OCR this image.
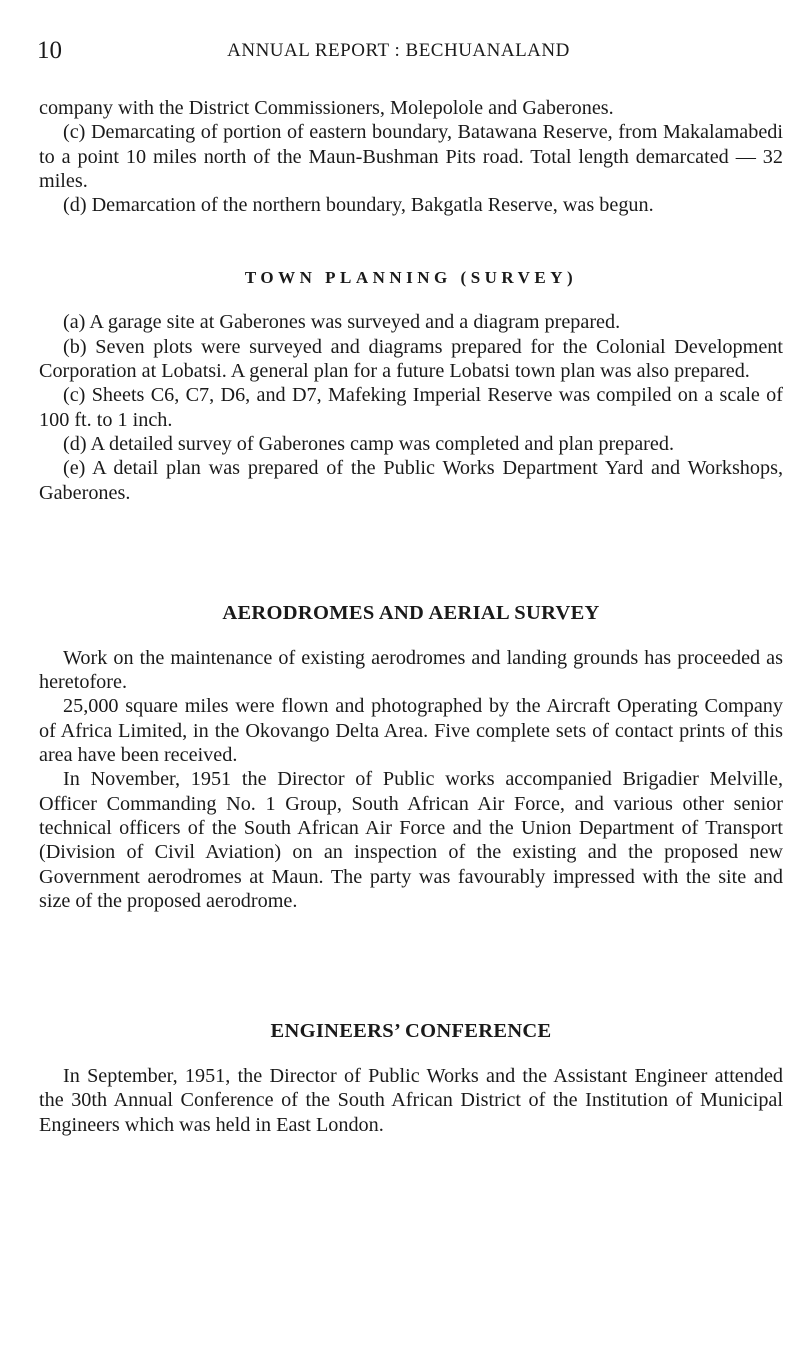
10	ANNUAL REPORT : BECHUANALAND

company with the District Commissioners, Molepolole and Gaberones.

(c) Demarcating of portion of eastern boundary, Batawana Reserve, from Makalamabedi to a point 10 miles north of the Maun-Bushman Pits road. Total length demarcated — 32 miles.

(d) Demarcation of the northern boundary, Bakgatla Reserve, was begun.

TOWN PLANNING (SURVEY)

(a) A garage site at Gaberones was surveyed and a diagram prepared.

(b) Seven plots were surveyed and diagrams prepared for the Colonial Development Corporation at Lobatsi. A general plan for a future Lobatsi town plan was also prepared.

(c) Sheets C6, C7, D6, and D7, Mafeking Imperial Reserve was compiled on a scale of 100 ft. to 1 inch.

(d) A detailed survey of Gaberones camp was completed and plan prepared.

(e) A detail plan was prepared of the Public Works Department Yard and Workshops, Gaberones.

AERODROMES AND AERIAL SURVEY

Work on the maintenance of existing aerodromes and landing grounds has proceeded as heretofore.

25,000 square miles were flown and photographed by the Aircraft Operating Company of Africa Limited, in the Okovango Delta Area. Five complete sets of contact prints of this area have been received.

In November, 1951 the Director of Public works accompanied Brigadier Melville, Officer Commanding No. 1 Group, South African Air Force, and various other senior technical officers of the South African Air Force and the Union Department of Transport (Division of Civil Aviation) on an inspection of the existing and the proposed new Government aerodromes at Maun. The party was favourably impressed with the site and size of the proposed aerodrome.

ENGINEERS’ CONFERENCE

In September, 1951, the Director of Public Works and the Assistant Engineer attended the 30th Annual Conference of the South African District of the Institution of Municipal Engineers which was held in East London.
